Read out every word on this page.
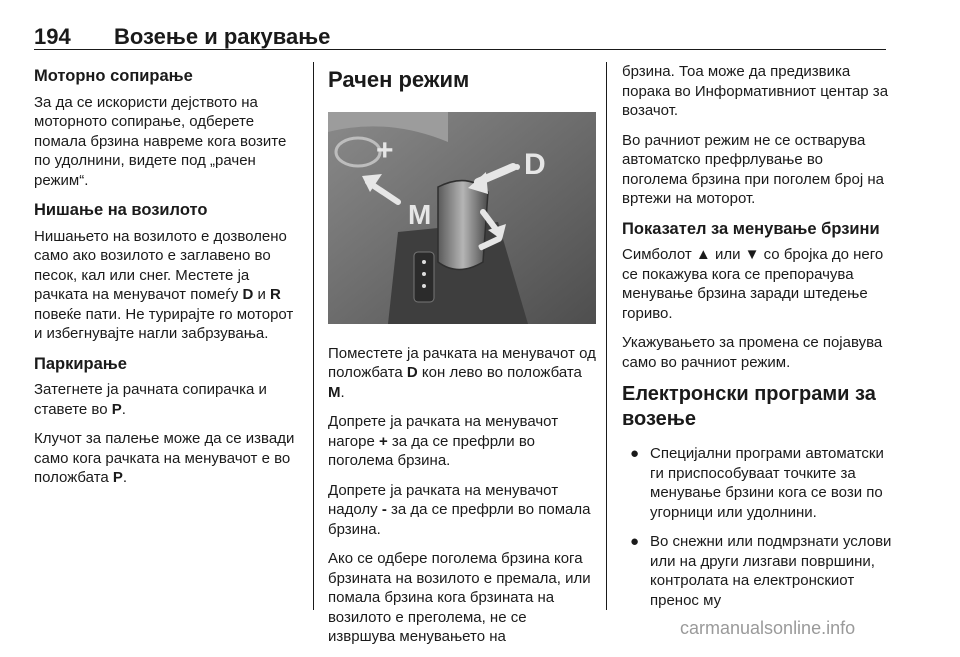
194 Возење и ракување
Моторно сопирање

За да се искористи дејството на моторното сопирање, одберете помала брзина навреме кога возите по удолнини, видете под „рачен режим“.

Нишање на возилото

Нишањето на возилото е дозволено само ако возилото е заглавено во песок, кал или снег. Местете ја рачката на менувачот помеѓу D и R повеќе пати. Не турирајте го моторот и избегнувајте нагли забрзувања.

Паркирање

Затегнете ја рачната сопирачка и ставете во P.

Клучот за палење може да се извади само кога рачката на менувачот е во положбата P.

Рачен режим
+	D
M

Поместете ја рачката на менувачот од положбата D кон лево во положбата M.

Допрете ја рачката на менувачот нагоре + за да се префрли во поголема брзина.

Допрете ја рачката на менувачот надолу - за да се префрли во помала брзина.

Ако се одбере поголема брзина кога брзината на возилото е премала, или помала брзина кога брзината на возилото е преголема, не се извршува менувањето на

брзина. Тоа може да предизвика порака во Информативниот центар за возачот.

Во рачниот режим не се остварува автоматско префрлување во поголема брзина при поголем број на вртежи на моторот.

Показател за менување брзини

Симболот ▲ или ▼ со бројка до него се покажува кога се препорачува менување брзина заради штедење гориво.

Укажувањето за промена се појавува само во рачниот режим.

Електронски програми за возење
● Специјални програми автоматски ги приспособуваат точките за менување брзини кога се вози по угорници или удолнини.
● Во снежни или подмрзнати услови или на други лизгави површини, контролата на електронскиот пренос му
carmanualsonline.info
